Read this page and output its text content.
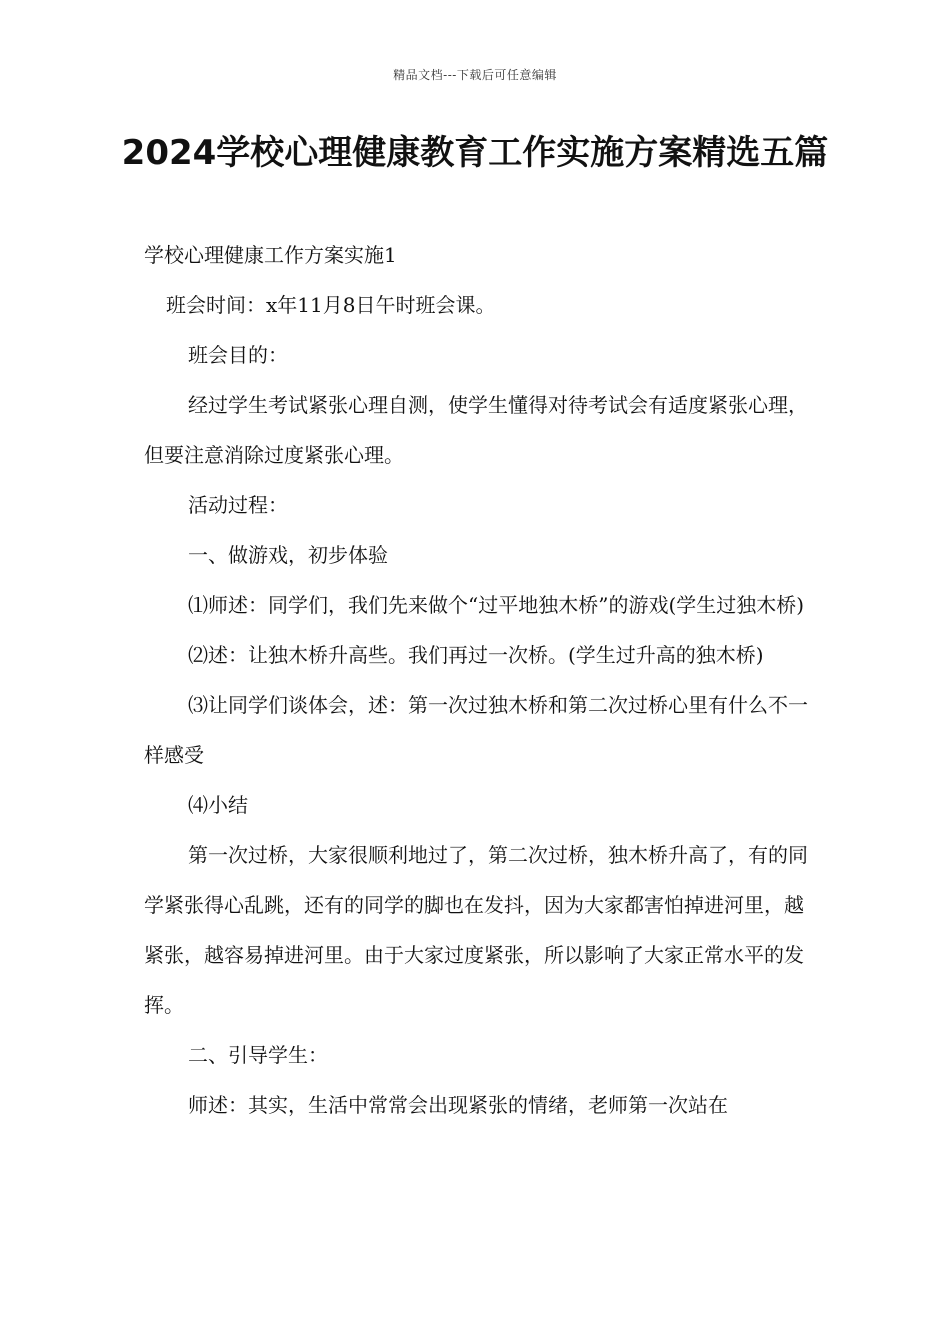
精品文档---下载后可任意编辑
2024学校心理健康教育工作实施方案精选五篇

学校心理健康工作方案实施1

班会时间：x年11月8日午时班会课。

班会目的：

经过学生考试紧张心理自测，使学生懂得对待考试会有适度紧张心理，但要注意消除过度紧张心理。

活动过程：

一、做游戏，初步体验

⑴师述：同学们，我们先来做个“过平地独木桥”的游戏(学生过独木桥)

⑵述：让独木桥升高些。我们再过一次桥。(学生过升高的独木桥)

⑶让同学们谈体会，述：第一次过独木桥和第二次过桥心里有什么不一样感受

⑷小结

第一次过桥，大家很顺利地过了，第二次过桥，独木桥升高了，有的同学紧张得心乱跳，还有的同学的脚也在发抖，因为大家都害怕掉进河里，越紧张，越容易掉进河里。由于大家过度紧张，所以影响了大家正常水平的发挥。

二、引导学生：

师述：其实，生活中常常会出现紧张的情绪，老师第一次站在
